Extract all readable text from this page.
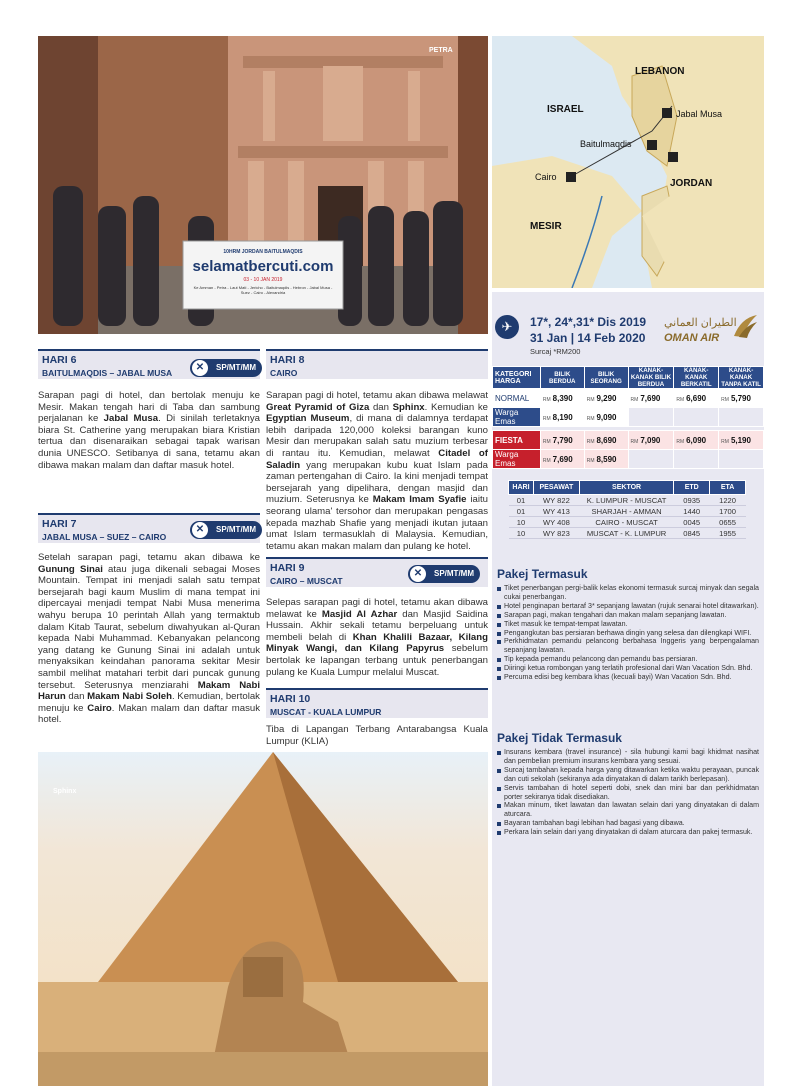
PETRA
10HRM JORDAN BAITULMAQDIS
selamatbercuti.com
03 - 10 JAN 2019
Ke Amman - Petra - Laut Mati - Jericho - Baitulmaqdis - Hebron - Jabal Musa - Suez - Cairo - Alexandria
LEBANON
ISRAEL
JORDAN
MESIR
Jabal Musa
Baitulmaqdis
Cairo
HARI 6
BAITULMAQDIS – JABAL MUSA	✕	SP/MT/MM
Sarapan pagi di hotel, dan bertolak menuju ke Mesir. Makan tengah hari di Taba dan sambung perjalanan ke Jabal Musa. Di sinilah terletaknya biara St. Catherine yang merupakan biara Kristian tertua dan disenaraikan sebagai tapak warisan dunia UNESCO. Setibanya di sana, tetamu akan dibawa makan malam dan daftar masuk hotel.
HARI 7
JABAL MUSA – SUEZ – CAIRO
✕	SP/MT/MM
Setelah sarapan pagi, tetamu akan dibawa ke Gunung Sinai atau juga dikenali sebagai Moses Mountain. Tempat ini menjadi salah satu tempat bersejarah bagi kaum Muslim di mana tempat ini dipercayai menjadi tempat Nabi Musa menerima wahyu berupa 10 perintah Allah yang termaktub dalam Kitab Taurat, sebelum diwahyukan al-Quran kepada Nabi Muhammad. Kebanyakan pelancong yang datang ke Gunung Sinai ini adalah untuk menyaksikan keindahan panorama sekitar Mesir sambil melihat matahari terbit dari puncak gunung tersebut. Seterusnya menziarahi Makam Nabi Harun dan Makam Nabi Soleh. Kemudian, bertolak menuju ke Cairo. Makan malam dan daftar masuk hotel.
HARI 8
CAIRO
Sarapan pagi di hotel, tetamu akan dibawa melawat Great Pyramid of Giza dan Sphinx. Kemudian ke Egyptian Museum, di mana di dalamnya terdapat lebih daripada 120,000 koleksi barangan kuno Mesir dan merupakan salah satu muzium terbesar di rantau itu. Kemudian, melawat Citadel of Saladin yang merupakan kubu kuat Islam pada zaman pertengahan di Cairo. Ia kini menjadi tempat bersejarah yang dipelihara, dengan masjid dan muzium. Seterusnya ke Makam Imam Syafie iaitu seorang ulama' tersohor dan merupakan pengasas kepada mazhab Shafie yang menjadi ikutan jutaan umat Islam termasuklah di Malaysia. Kemudian, tetamu akan makan malam dan pulang ke hotel.
HARI 9
CAIRO – MUSCAT
✕	SP/MT/MM
Selepas sarapan pagi di hotel, tetamu akan dibawa melawat ke Masjid Al Azhar dan Masjid Saidina Hussain. Akhir sekali tetamu berpeluang untuk membeli belah di Khan Khalili Bazaar, Kilang Minyak Wangi, dan Kilang Papyrus sebelum bertolak ke lapangan terbang untuk penerbangan pulang ke Kuala Lumpur melalui Muscat.
HARI 10
MUSCAT - KUALA LUMPUR
Tiba di Lapangan Terbang Antarabangsa Kuala Lumpur (KLIA)
Sphinx
✈	17*, 24*,31* Dis 2019
31 Jan | 14 Feb 2020
Surcaj *RM200
الطيران العماني
OMAN AIR
KATEGORI HARGA	BILIK BERDUA	BILIK SEORANG	KANAK-KANAK BILIK BERDUA	KANAK-KANAK BERKATIL	KANAK-KANAK TANPA KATIL
NORMAL	RM 8,390	RM 9,290	RM 7,690	RM 6,690	RM 5,790
Warga Emas	RM 8,190	RM 9,090			

FIESTA	RM 7,790	RM 8,690	RM 7,090	RM 6,090	RM 5,190
Warga Emas	RM 7,690	RM 8,590			
HARI	PESAWAT	SEKTOR	ETD	ETA
01	WY 822	K. LUMPUR - MUSCAT	0935	1220
01	WY 413	SHARJAH - AMMAN	1440	1700
10	WY 408	CAIRO - MUSCAT	0045	0655
10	WY 823	MUSCAT - K. LUMPUR	0845	1955
Pakej Termasuk
Tiket penerbangan pergi-balik kelas ekonomi termasuk surcaj minyak dan segala cukai penerbangan.
Hotel penginapan bertaraf 3* sepanjang lawatan (rujuk senarai hotel ditawarkan).
Sarapan pagi, makan tengahari dan makan malam sepanjang lawatan.
Tiket masuk ke tempat-tempat lawatan.
Pengangkutan bas persiaran berhawa dingin yang selesa dan dilengkapi WIFI.
Perkhidmatan pemandu pelancong berbahasa Inggeris yang berpengalaman sepanjang lawatan.
Tip kepada pemandu pelancong dan pemandu bas persiaran.
Diiringi ketua rombongan yang terlatih profesional dari Wan Vacation Sdn. Bhd.
Percuma edisi beg kembara khas (kecuali bayi) Wan Vacation Sdn. Bhd.
Pakej Tidak Termasuk
Insurans kembara (travel insurance) - sila hubungi kami bagi khidmat nasihat dan pembelian premium insurans kembara yang sesuai.
Surcaj tambahan kepada harga yang ditawarkan ketika waktu perayaan, puncak dan cuti sekolah (sekiranya ada dinyatakan di dalam tarikh berlepasan).
Servis tambahan di hotel seperti dobi, snek dan mini bar dan perkhidmatan porter sekiranya tidak disediakan.
Makan minum, tiket lawatan dan lawatan selain dari yang dinyatakan di dalam aturcara.
Bayaran tambahan bagi lebihan had bagasi yang dibawa.
Perkara lain selain dari yang dinyatakan di dalam aturcara dan pakej termasuk.
